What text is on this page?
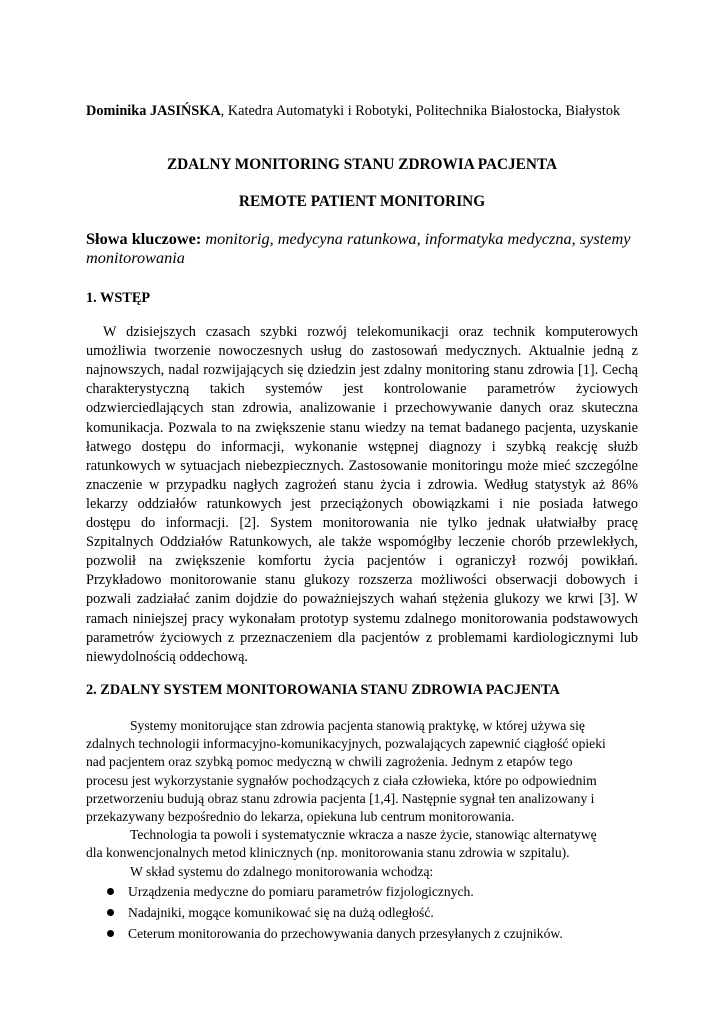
Dominika JASIŃSKA, Katedra Automatyki i Robotyki, Politechnika Białostocka, Białystok

ZDALNY MONITORING STANU ZDROWIA PACJENTA
REMOTE PATIENT MONITORING

Słowa kluczowe: monitorig, medycyna ratunkowa, informatyka medyczna, systemy monitorowania

1. WSTĘP
W dzisiejszych czasach szybki rozwój telekomunikacji oraz technik komputerowych
umożliwia tworzenie nowoczesnych usług do zastosowań medycznych. Aktualnie jedną z
najnowszych, nadal rozwijających się dziedzin jest zdalny monitoring stanu zdrowia [1]. Cechą
charakterystyczną takich systemów jest kontrolowanie parametrów życiowych
odzwierciedlających stan zdrowia, analizowanie i przechowywanie danych oraz skuteczna
komunikacja. Pozwala to na zwiększenie stanu wiedzy na temat badanego pacjenta, uzyskanie
łatwego dostępu do informacji, wykonanie wstępnej diagnozy i szybką reakcję służb
ratunkowych w sytuacjach niebezpiecznych. Zastosowanie monitoringu może mieć szczególne
znaczenie w przypadku nagłych zagrożeń stanu życia i zdrowia. Według statystyk aż 86%
lekarzy oddziałów ratunkowych jest przeciążonych obowiązkami i nie posiada łatwego
dostępu do informacji. [2]. System monitorowania nie tylko jednak ułatwiałby pracę
Szpitalnych Oddziałów Ratunkowych, ale także wspomógłby leczenie chorób przewlekłych,
pozwolił na zwiększenie komfortu życia pacjentów i ograniczył rozwój powikłań.
Przykładowo monitorowanie stanu glukozy rozszerza możliwości obserwacji dobowych i
pozwali zadziałać zanim dojdzie do poważniejszych wahań stężenia glukozy we krwi [3]. W
ramach niniejszej pracy wykonałam prototyp systemu zdalnego monitorowania podstawowych
parametrów życiowych z przeznaczeniem dla pacjentów z problemami kardiologicznymi lub
niewydolnością oddechową.
2. ZDALNY SYSTEM MONITOROWANIA STANU ZDROWIA PACJENTA
Systemy monitorujące stan zdrowia pacjenta stanowią praktykę, w której używa się
zdalnych technologii informacyjno-komunikacyjnych, pozwalających zapewnić ciągłość opieki
nad pacjentem oraz szybką pomoc medyczną w chwili zagrożenia. Jednym z etapów tego
procesu jest wykorzystanie sygnałów pochodzących z ciała człowieka, które po odpowiednim
przetworzeniu budują obraz stanu zdrowia pacjenta [1,4]. Następnie sygnał ten analizowany i
przekazywany bezpośrednio do lekarza, opiekuna lub centrum monitorowania.
Technologia ta powoli i systematycznie wkracza a nasze życie, stanowiąc alternatywę
dla konwencjonalnych metod klinicznych (np. monitorowania stanu zdrowia w szpitalu).
W skład systemu do zdalnego monitorowania wchodzą:
Urządzenia medyczne do pomiaru parametrów fizjologicznych.
Nadajniki, mogące komunikować się na dużą odległość.
Ceterum monitorowania do przechowywania danych przesyłanych z czujników.
